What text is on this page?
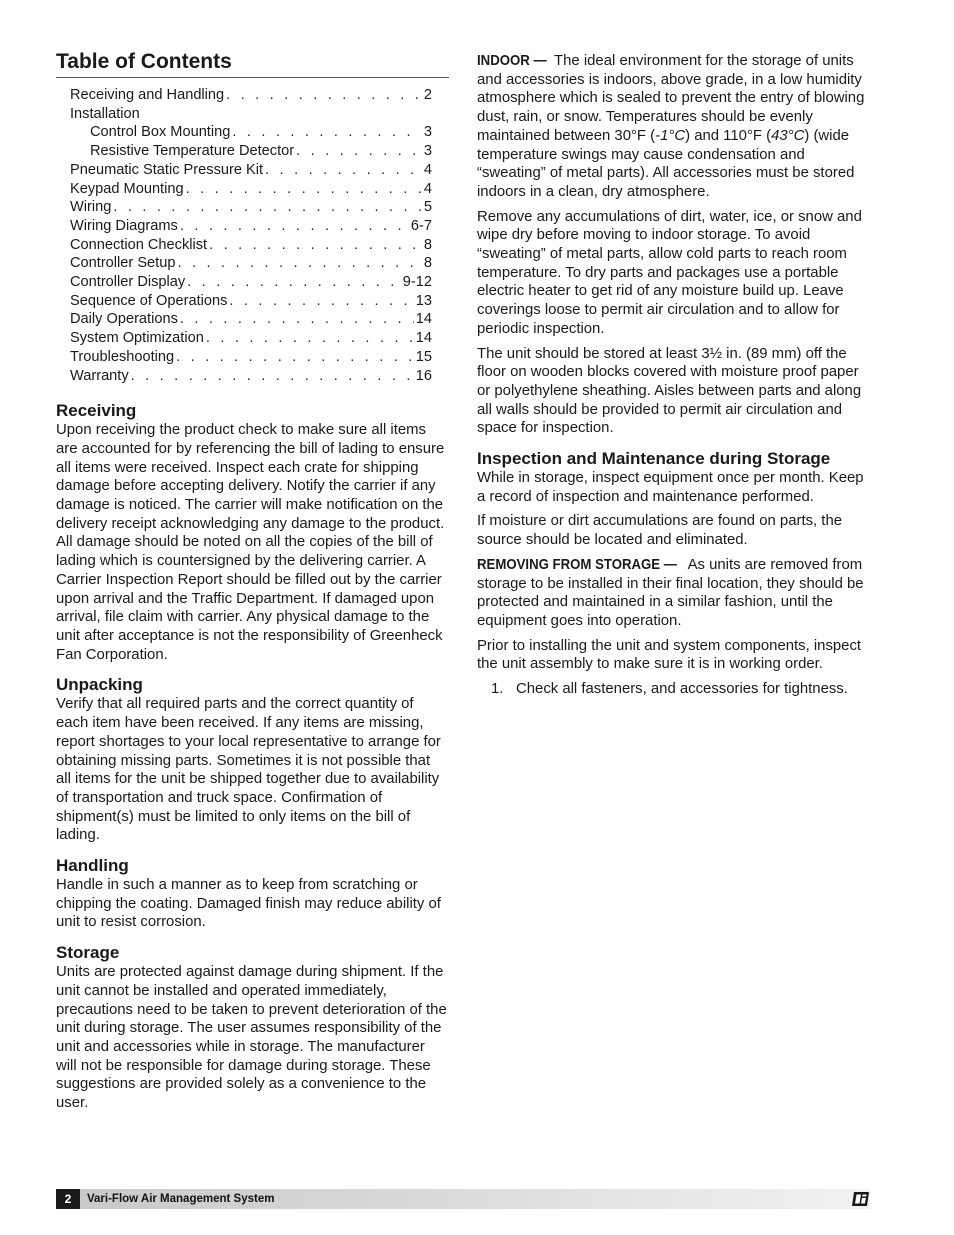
Table of Contents
Receiving and Handling . . .	2
Installation
Control Box Mounting . . .	3
Resistive Temperature Detector . . .	3
Pneumatic Static Pressure Kit . . .	4
Keypad Mounting . . .	4
Wiring . . .	5
Wiring Diagrams . . .	6-7
Connection Checklist . . .	8
Controller Setup . . .	8
Controller Display . . .	9-12
Sequence of Operations . . .	13
Daily Operations . . .	14
System Optimization . . .	14
Troubleshooting . . .	15
Warranty . . .	16
Receiving

Upon receiving the product check to make sure all items are accounted for by referencing the bill of lading to ensure all items were received. Inspect each crate for shipping damage before accepting delivery. Notify the carrier if any damage is noticed. The carrier will make notification on the delivery receipt acknowledging any damage to the product. All damage should be noted on all the copies of the bill of lading which is countersigned by the delivering carrier. A Carrier Inspection Report should be filled out by the carrier upon arrival and the Traffic Department. If damaged upon arrival, file claim with carrier. Any physical damage to the unit after acceptance is not the responsibility of Greenheck Fan Corporation.

Unpacking

Verify that all required parts and the correct quantity of each item have been received. If any items are missing, report shortages to your local representative to arrange for obtaining missing parts. Sometimes it is not possible that all items for the unit be shipped together due to availability of transportation and truck space. Confirmation of shipment(s) must be limited to only items on the bill of lading.

Handling

Handle in such a manner as to keep from scratching or chipping the coating. Damaged finish may reduce ability of unit to resist corrosion.

Storage

Units are protected against damage during shipment. If the unit cannot be installed and operated immediately, precautions need to be taken to prevent deterioration of the unit during storage. The user assumes responsibility of the unit and accessories while in storage. The manufacturer will not be responsible for damage during storage. These suggestions are provided solely as a convenience to the user.

INDOOR — The ideal environment for the storage of units and accessories is indoors, above grade, in a low humidity atmosphere which is sealed to prevent the entry of blowing dust, rain, or snow. Temperatures should be evenly maintained between 30°F (-1°C) and 110°F (43°C) (wide temperature swings may cause condensation and “sweating” of metal parts). All accessories must be stored indoors in a clean, dry atmosphere.

Remove any accumulations of dirt, water, ice, or snow and wipe dry before moving to indoor storage. To avoid “sweating” of metal parts, allow cold parts to reach room temperature. To dry parts and packages use a portable electric heater to get rid of any moisture build up. Leave coverings loose to permit air circulation and to allow for periodic inspection.

The unit should be stored at least 3½ in. (89 mm) off the floor on wooden blocks covered with moisture proof paper or polyethylene sheathing. Aisles between parts and along all walls should be provided to permit air circulation and space for inspection.

Inspection and Maintenance during Storage

While in storage, inspect equipment once per month. Keep a record of inspection and maintenance performed.

If moisture or dirt accumulations are found on parts, the source should be located and eliminated.

REMOVING FROM STORAGE — As units are removed from storage to be installed in their final location, they should be protected and maintained in a similar fashion, until the equipment goes into operation.

Prior to installing the unit and system components, inspect the unit assembly to make sure it is in working order.

1. Check all fasteners, and accessories for tightness.
2	Vari-Flow Air Management System
